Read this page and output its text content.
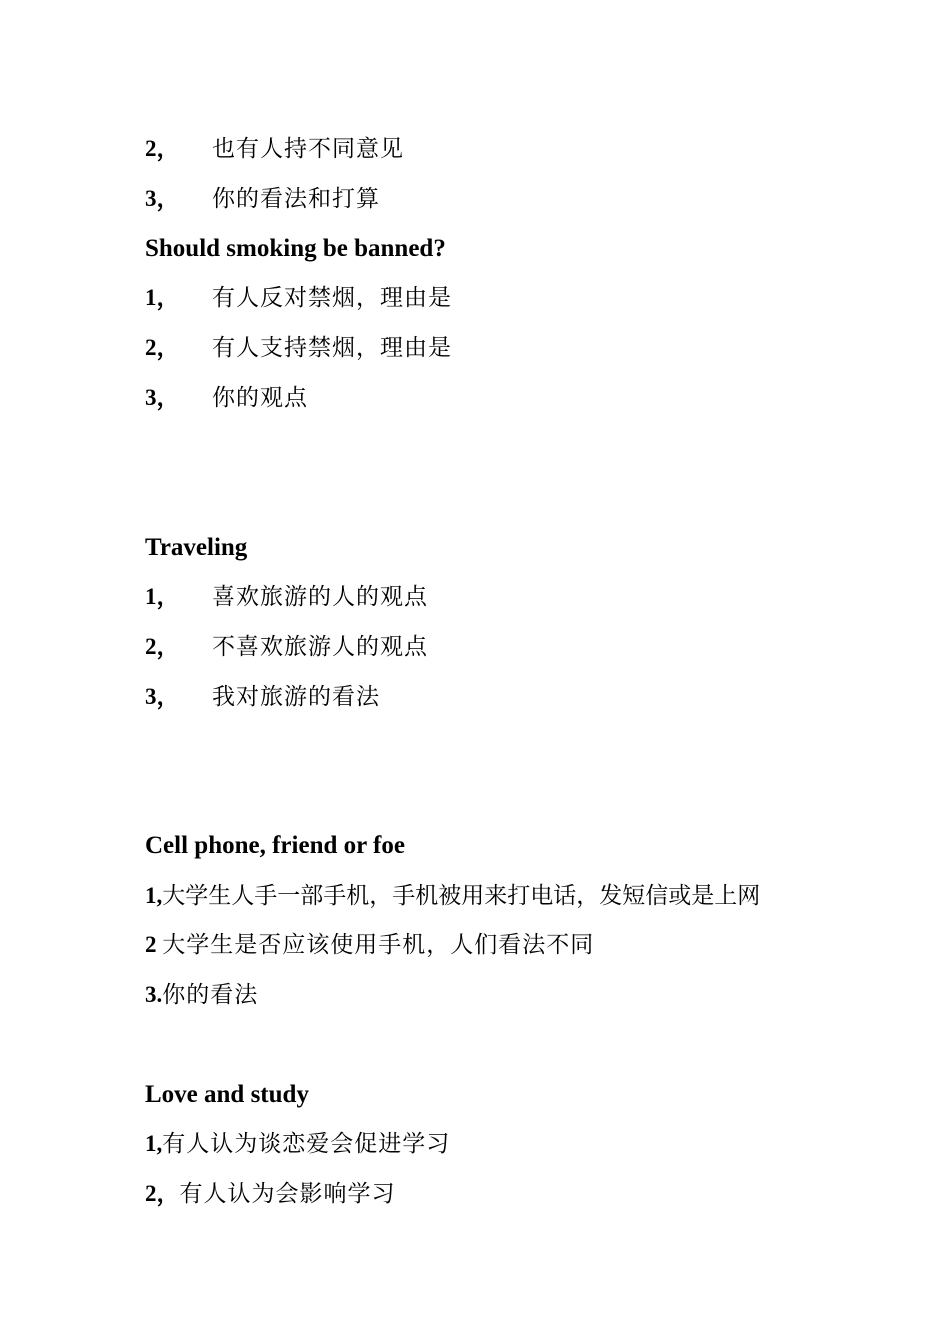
2， 也有人持不同意见
3， 你的看法和打算
Should smoking be banned?
1， 有人反对禁烟，理由是
2， 有人支持禁烟，理由是
3， 你的观点
Traveling
1， 喜欢旅游的人的观点
2， 不喜欢旅游人的观点
3， 我对旅游的看法
Cell phone, friend or foe
1,大学生人手一部手机，手机被用来打电话，发短信或是上网
2 大学生是否应该使用手机，人们看法不同
3.你的看法
Love and study
1,有人认为谈恋爱会促进学习
2，有人认为会影响学习
